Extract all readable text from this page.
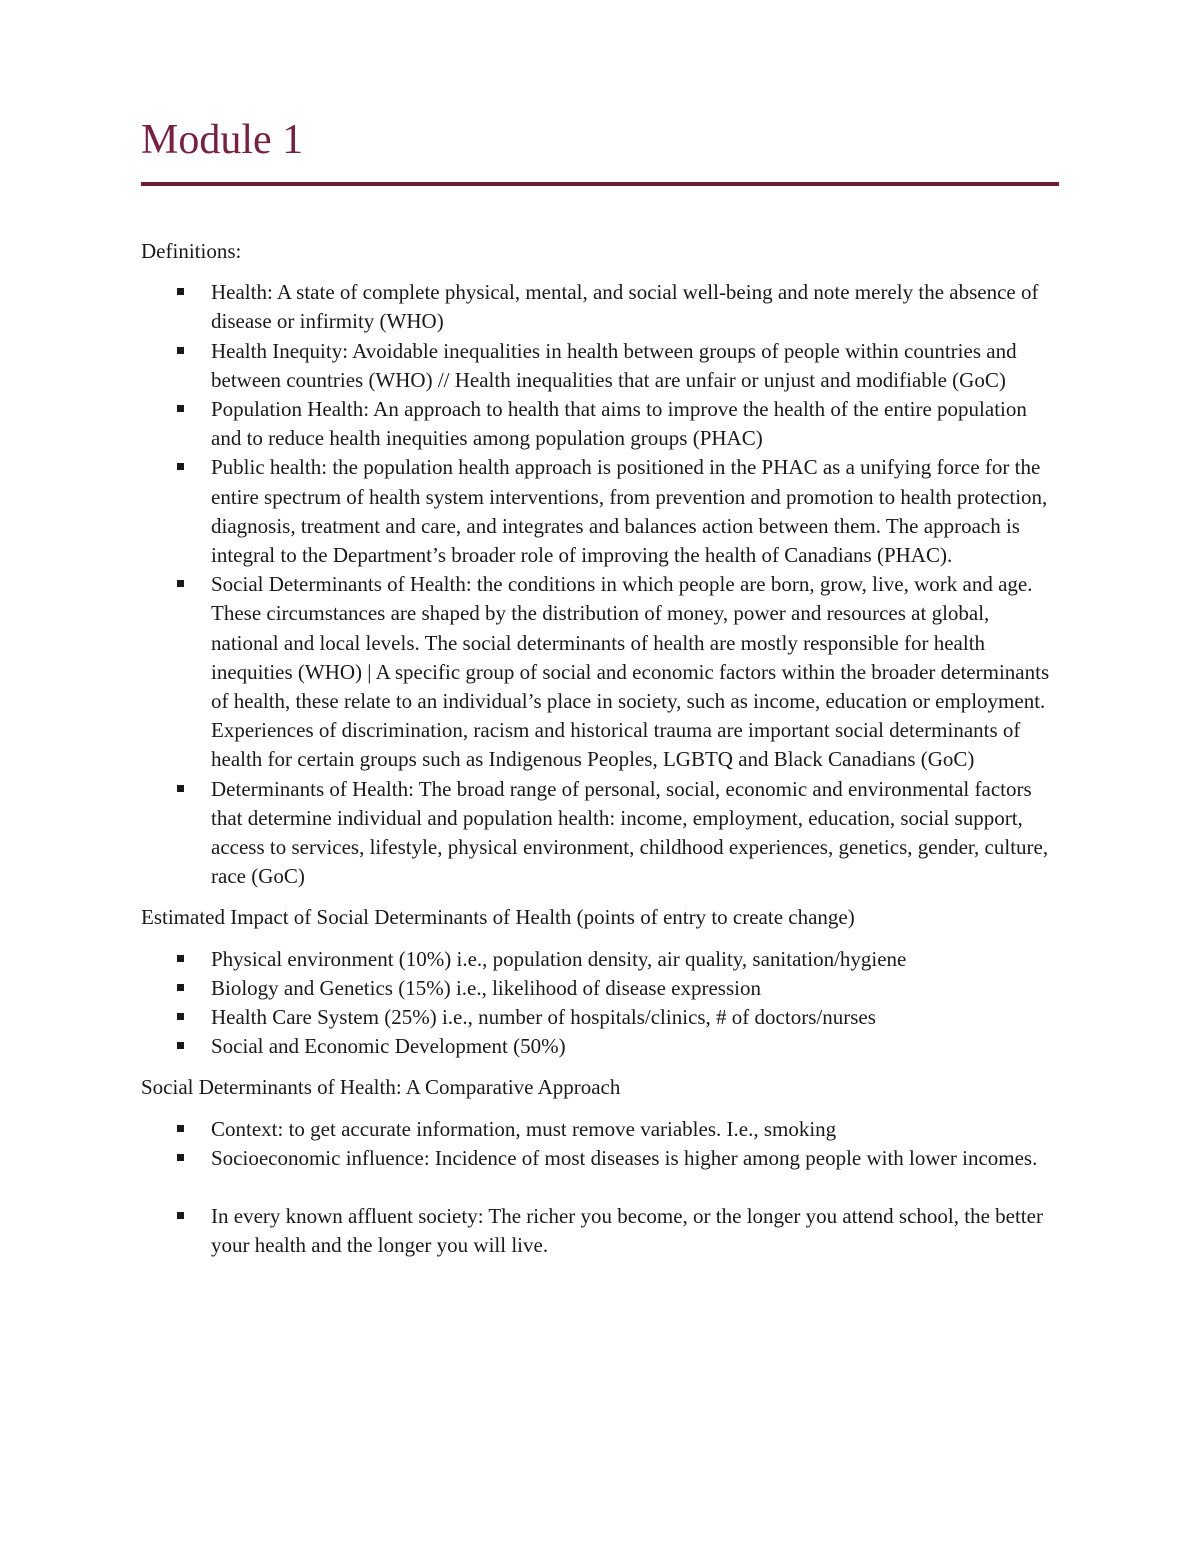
Module 1

Definitions:

Health: A state of complete physical, mental, and social well-being and note merely the absence of disease or infirmity (WHO)
Health Inequity: Avoidable inequalities in health between groups of people within countries and between countries (WHO) // Health inequalities that are unfair or unjust and modifiable (GoC)
Population Health: An approach to health that aims to improve the health of the entire population and to reduce health inequities among population groups (PHAC)
Public health: the population health approach is positioned in the PHAC as a unifying force for the entire spectrum of health system interventions, from prevention and promotion to health protection, diagnosis, treatment and care, and integrates and balances action between them. The approach is integral to the Department’s broader role of improving the health of Canadians (PHAC).
Social Determinants of Health: the conditions in which people are born, grow, live, work and age. These circumstances are shaped by the distribution of money, power and resources at global, national and local levels. The social determinants of health are mostly responsible for health inequities (WHO) | A specific group of social and economic factors within the broader determinants of health, these relate to an individual’s place in society, such as income, education or employment. Experiences of discrimination, racism and historical trauma are important social determinants of health for certain groups such as Indigenous Peoples, LGBTQ and Black Canadians (GoC)
Determinants of Health: The broad range of personal, social, economic and environmental factors that determine individual and population health: income, employment, education, social support, access to services, lifestyle, physical environment, childhood experiences, genetics, gender, culture, race (GoC)

Estimated Impact of Social Determinants of Health (points of entry to create change)

Physical environment (10%) i.e., population density, air quality, sanitation/hygiene
Biology and Genetics (15%) i.e., likelihood of disease expression
Health Care System (25%) i.e., number of hospitals/clinics, # of doctors/nurses
Social and Economic Development (50%)

Social Determinants of Health: A Comparative Approach

Context: to get accurate information, must remove variables. I.e., smoking
Socioeconomic influence: Incidence of most diseases is higher among people with lower incomes.
In every known affluent society: The richer you become, or the longer you attend school, the better your health and the longer you will live.
